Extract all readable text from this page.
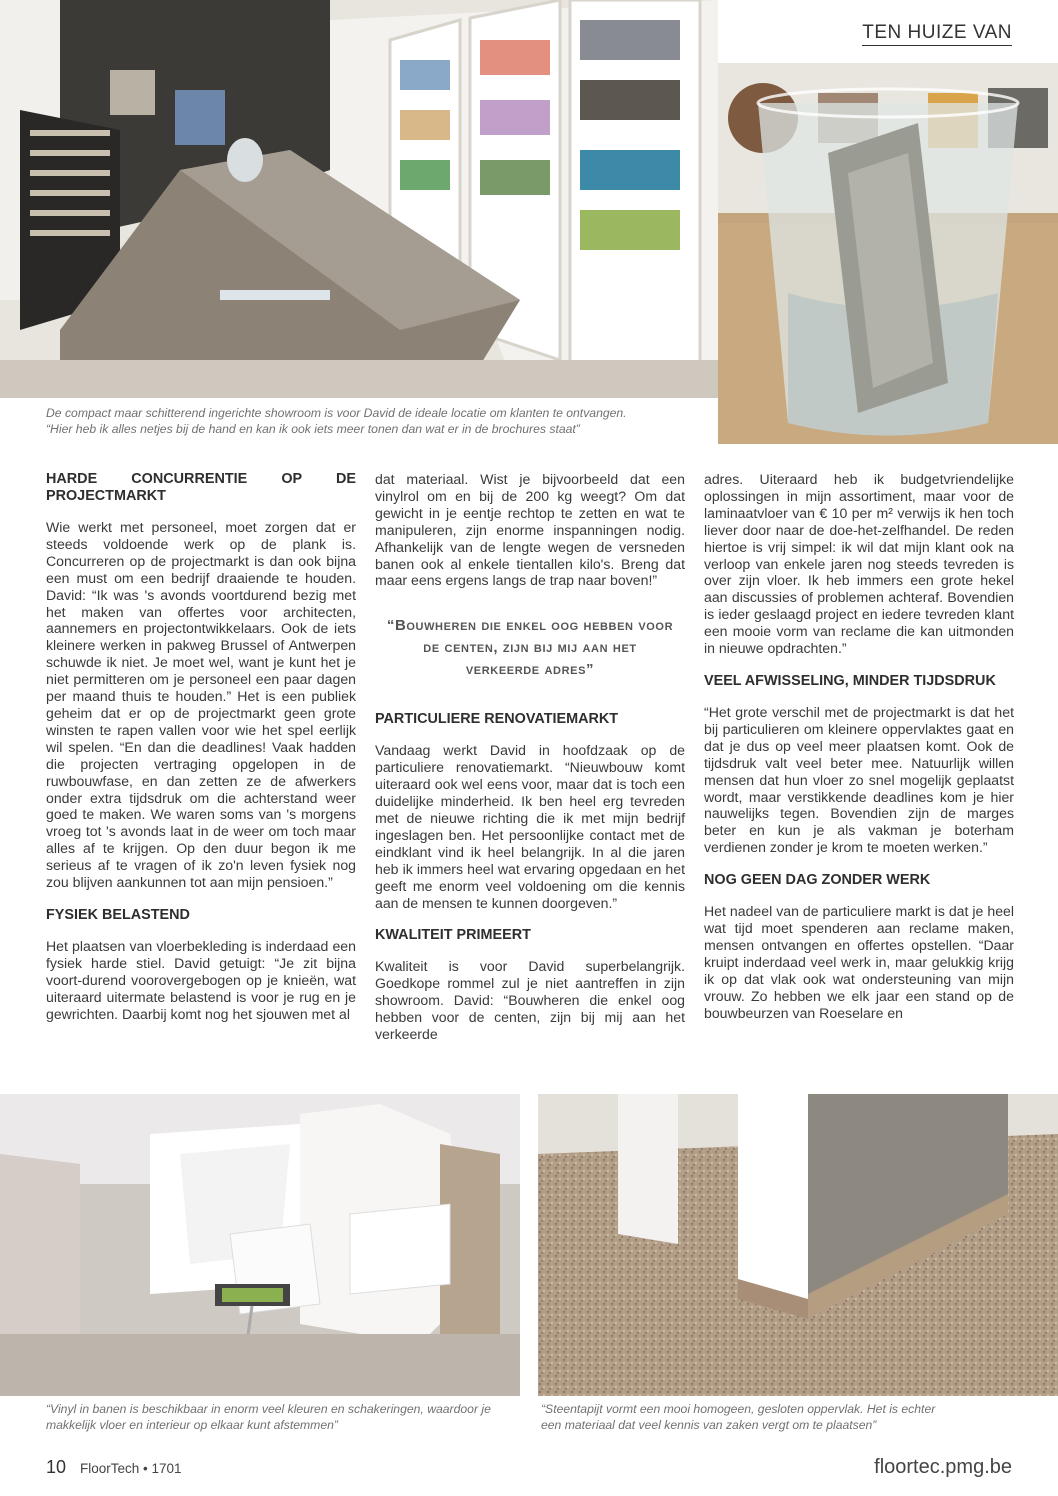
TEN HUIZE VAN
De compact maar schitterend ingerichte showroom is voor David de ideale locatie om klanten te ontvangen.
“Hier heb ik alles netjes bij de hand en kan ik ook iets meer tonen dan wat er in de brochures staat”
HARDE CONCURRENTIE OP DE PROJECTMARKT

Wie werkt met personeel, moet zorgen dat er steeds voldoende werk op de plank is. Concurreren op de projectmarkt is dan ook bijna een must om een bedrijf draaiende te houden. David: “Ik was 's avonds voortdurend bezig met het maken van offertes voor architecten, aannemers en projectontwikkelaars. Ook de iets kleinere werken in pakweg Brussel of Antwerpen schuwde ik niet. Je moet wel, want je kunt het je niet permitteren om je personeel een paar dagen per maand thuis te houden.” Het is een publiek geheim dat er op de projectmarkt geen grote winsten te rapen vallen voor wie het spel eerlijk wil spelen. “En dan die deadlines! Vaak hadden die projecten vertraging opgelopen in de ruwbouwfase, en dan zetten ze de afwerkers onder extra tijdsdruk om die achterstand weer goed te maken. We waren soms van 's morgens vroeg tot 's avonds laat in de weer om toch maar alles af te krijgen. Op den duur begon ik me serieus af te vragen of ik zo'n leven fysiek nog zou blijven aankunnen tot aan mijn pensioen.”

FYSIEK BELASTEND

Het plaatsen van vloerbekleding is inderdaad een fysiek harde stiel. David getuigt: “Je zit bijna voort-durend voorovergebogen op je knieën, wat uiteraard uitermate belastend is voor je rug en je gewrichten. Daarbij komt nog het sjouwen met al

dat materiaal. Wist je bijvoorbeeld dat een vinylrol om en bij de 200 kg weegt? Om dat gewicht in je eentje rechtop te zetten en wat te manipuleren, zijn enorme inspanningen nodig. Afhankelijk van de lengte wegen de versneden banen ook al enkele tientallen kilo's. Breng dat maar eens ergens langs de trap naar boven!”

“Bouwheren die enkel oog hebben voor de centen, zijn bij mij aan het verkeerde adres”
PARTICULIERE RENOVATIEMARKT

Vandaag werkt David in hoofdzaak op de particuliere renovatiemarkt. “Nieuwbouw komt uiteraard ook wel eens voor, maar dat is toch een duidelijke minderheid. Ik ben heel erg tevreden met de nieuwe richting die ik met mijn bedrijf ingeslagen ben. Het persoonlijke contact met de eindklant vind ik heel belangrijk. In al die jaren heb ik immers heel wat ervaring opgedaan en het geeft me enorm veel voldoening om die kennis aan de mensen te kunnen doorgeven.”

KWALITEIT PRIMEERT

Kwaliteit is voor David superbelangrijk. Goedkope rommel zul je niet aantreffen in zijn showroom. David: “Bouwheren die enkel oog hebben voor de centen, zijn bij mij aan het verkeerde

adres. Uiteraard heb ik budgetvriendelijke oplossingen in mijn assortiment, maar voor de laminaatvloer van € 10 per m² verwijs ik hen toch liever door naar de doe-het-zelfhandel. De reden hiertoe is vrij simpel: ik wil dat mijn klant ook na verloop van enkele jaren nog steeds tevreden is over zijn vloer. Ik heb immers een grote hekel aan discussies of problemen achteraf. Bovendien is ieder geslaagd project en iedere tevreden klant een mooie vorm van reclame die kan uitmonden in nieuwe opdrachten.”

VEEL AFWISSELING, MINDER TIJDSDRUK

“Het grote verschil met de projectmarkt is dat het bij particulieren om kleinere oppervlaktes gaat en dat je dus op veel meer plaatsen komt. Ook de tijdsdruk valt veel beter mee. Natuurlijk willen mensen dat hun vloer zo snel mogelijk geplaatst wordt, maar verstikkende deadlines kom je hier nauwelijks tegen. Bovendien zijn de marges beter en kun je als vakman je boterham verdienen zonder je krom te moeten werken.”

NOG GEEN DAG ZONDER WERK

Het nadeel van de particuliere markt is dat je heel wat tijd moet spenderen aan reclame maken, mensen ontvangen en offertes opstellen. “Daar kruipt inderdaad veel werk in, maar gelukkig krijg ik op dat vlak ook wat ondersteuning van mijn vrouw. Zo hebben we elk jaar een stand op de bouwbeurzen van Roeselare en

“Vinyl in banen is beschikbaar in enorm veel kleuren en schakeringen, waardoor je
makkelijk vloer en interieur op elkaar kunt afstemmen”
“Steentapijt vormt een mooi homogeen, gesloten oppervlak. Het is echter
een materiaal dat veel kennis van zaken vergt om te plaatsen”
10 FloorTech • 1701	floortec.pmg.be
